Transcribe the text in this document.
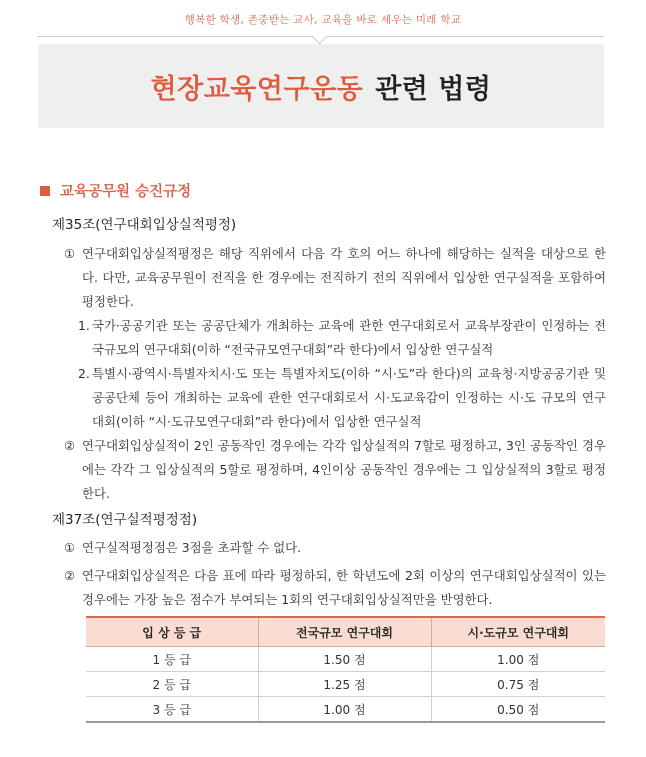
행복한 학생, 존중받는 교사, 교육을 바로 세우는 미래 학교
현장교육연구운동 관련 법령
교육공무원 승진규정
제35조(연구대회입상실적평정)
① 연구대회입상실적평정은 해당 직위에서 다음 각 호의 어느 하나에 해당하는 실적을 대상으로 한다. 다만, 교육공무원이 전직을 한 경우에는 전직하기 전의 직위에서 입상한 연구실적을 포함하여 평정한다.
1. 국가·공공기관 또는 공공단체가 개최하는 교육에 관한 연구대회로서 교육부장관이 인정하는 전국규모의 연구대회(이하 “전국규모연구대회”라 한다)에서 입상한 연구실적
2. 특별시·광역시·특별자치시·도 또는 특별자치도(이하 “시·도”라 한다)의 교육청·지방공공기관 및 공공단체 등이 개최하는 교육에 관한 연구대회로서 시·도교육감이 인정하는 시·도 규모의 연구대회(이하 “시·도규모연구대회”라 한다)에서 입상한 연구실적
② 연구대회입상실적이 2인 공동작인 경우에는 각각 입상실적의 7할로 평정하고, 3인 공동작인 경우에는 각각 그 입상실적의 5할로 평정하며, 4인이상 공동작인 경우에는 그 입상실적의 3할로 평정한다.
제37조(연구실적평정점)
① 연구실적평정점은 3점을 초과할 수 없다.
② 연구대회입상실적은 다음 표에 따라 평정하되, 한 학년도에 2회 이상의 연구대회입상실적이 있는 경우에는 가장 높은 점수가 부여되는 1회의 연구대회입상실적만을 반영한다.
입 상 등 급	전국규모 연구대회	시·도규모 연구대회
1 등 급	1.50 점	1.00 점
2 등 급	1.25 점	0.75 점
3 등 급	1.00 점	0.50 점
